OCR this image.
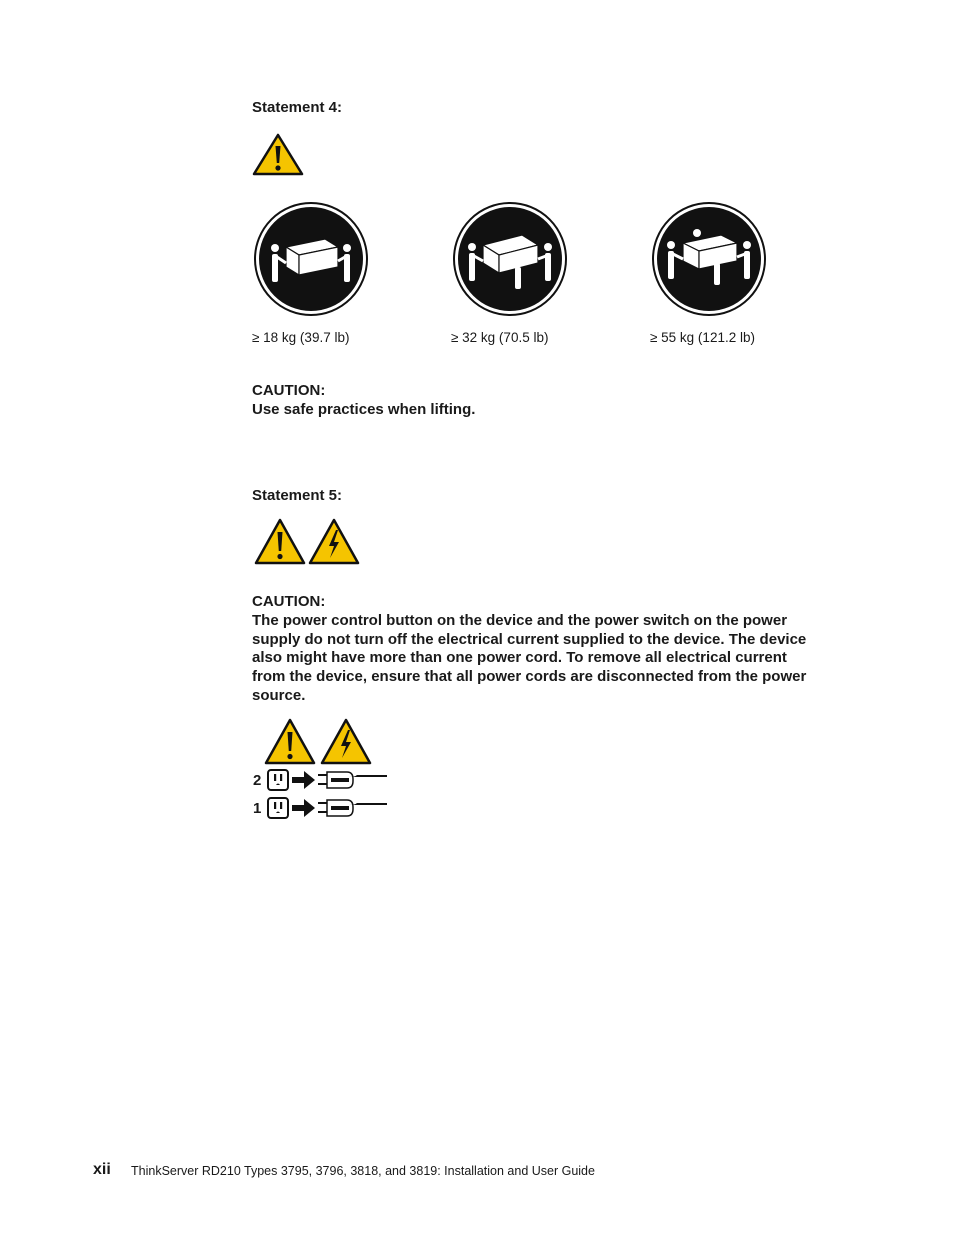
Statement 4:
≥ 18 kg (39.7 lb)	≥ 32 kg (70.5 lb)	≥ 55 kg (121.2 lb)
CAUTION:
Use safe practices when lifting.
Statement 5:
CAUTION:
The power control button on the device and the power switch on the power
supply do not turn off the electrical current supplied to the device. The device
also might have more than one power cord. To remove all electrical current
from the device, ensure that all power cords are disconnected from the power
source.
2
1
xii ThinkServer RD210 Types 3795, 3796, 3818, and 3819: Installation and User Guide
